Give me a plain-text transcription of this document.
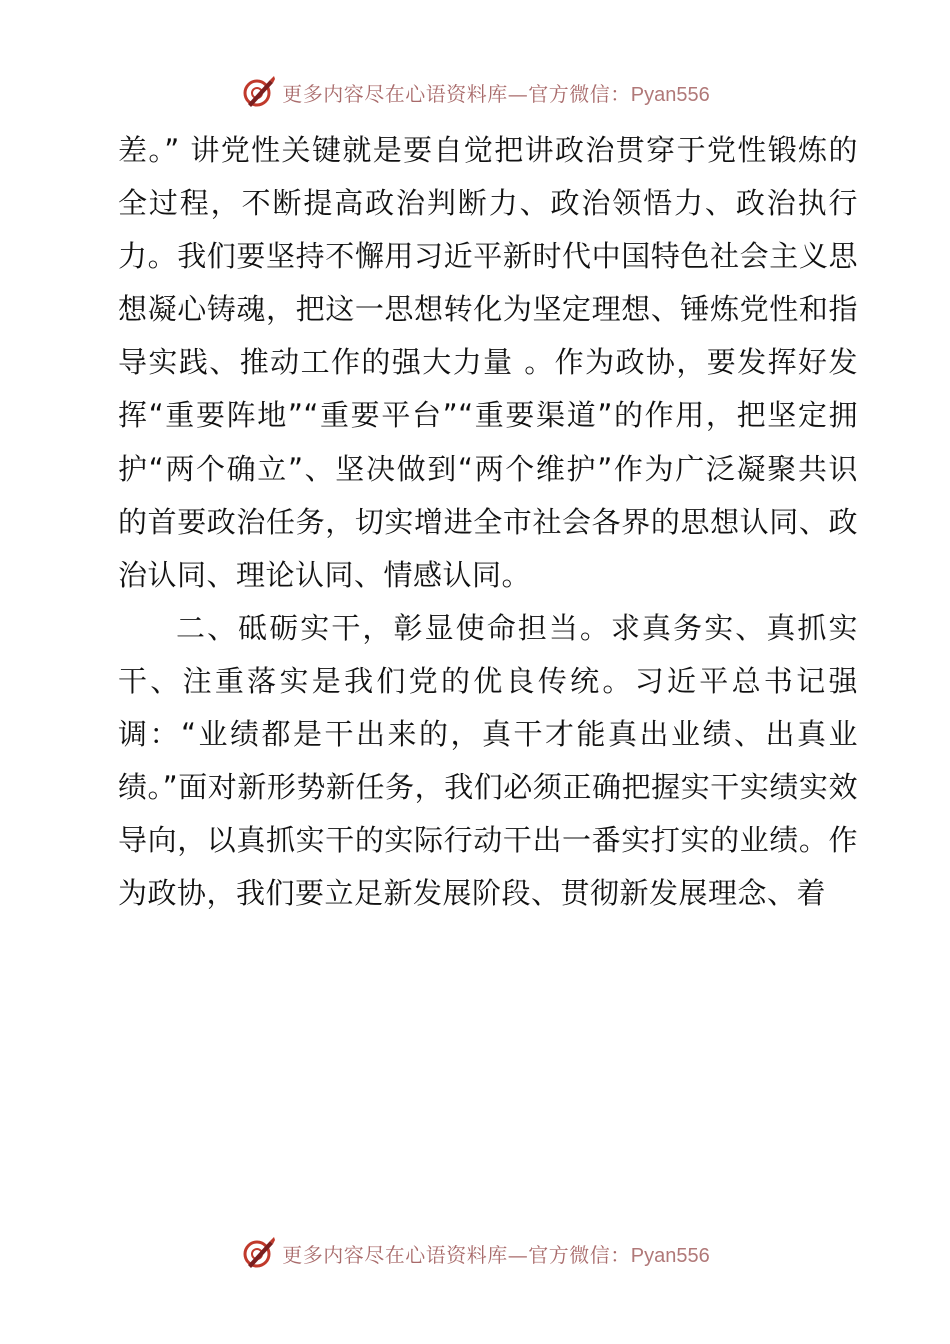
更多内容尽在心语资料库—官方微信：Pyan556

差。” 讲党性关键就是要自觉把讲政治贯穿于党性锻炼的全过程，不断提高政治判断力、政治领悟力、政治执行力。我们要坚持不懈用习近平新时代中国特色社会主义思想凝心铸魂，把这一思想转化为坚定理想、锤炼党性和指导实践、推动工作的强大力量 。作为政协，要发挥好发挥“重要阵地”“重要平台”“重要渠道”的作用，把坚定拥护“两个确立”、坚决做到“两个维护”作为广泛凝聚共识的首要政治任务，切实增进全市社会各界的思想认同、政治认同、理论认同、情感认同。

二、砥砺实干，彰显使命担当。求真务实、真抓实干、注重落实是我们党的优良传统。习近平总书记强调：“业绩都是干出来的，真干才能真出业绩、出真业绩。”面对新形势新任务，我们必须正确把握实干实绩实效导向，以真抓实干的实际行动干出一番实打实的业绩。作为政协，我们要立足新发展阶段、贯彻新发展理念、着

更多内容尽在心语资料库—官方微信：Pyan556
